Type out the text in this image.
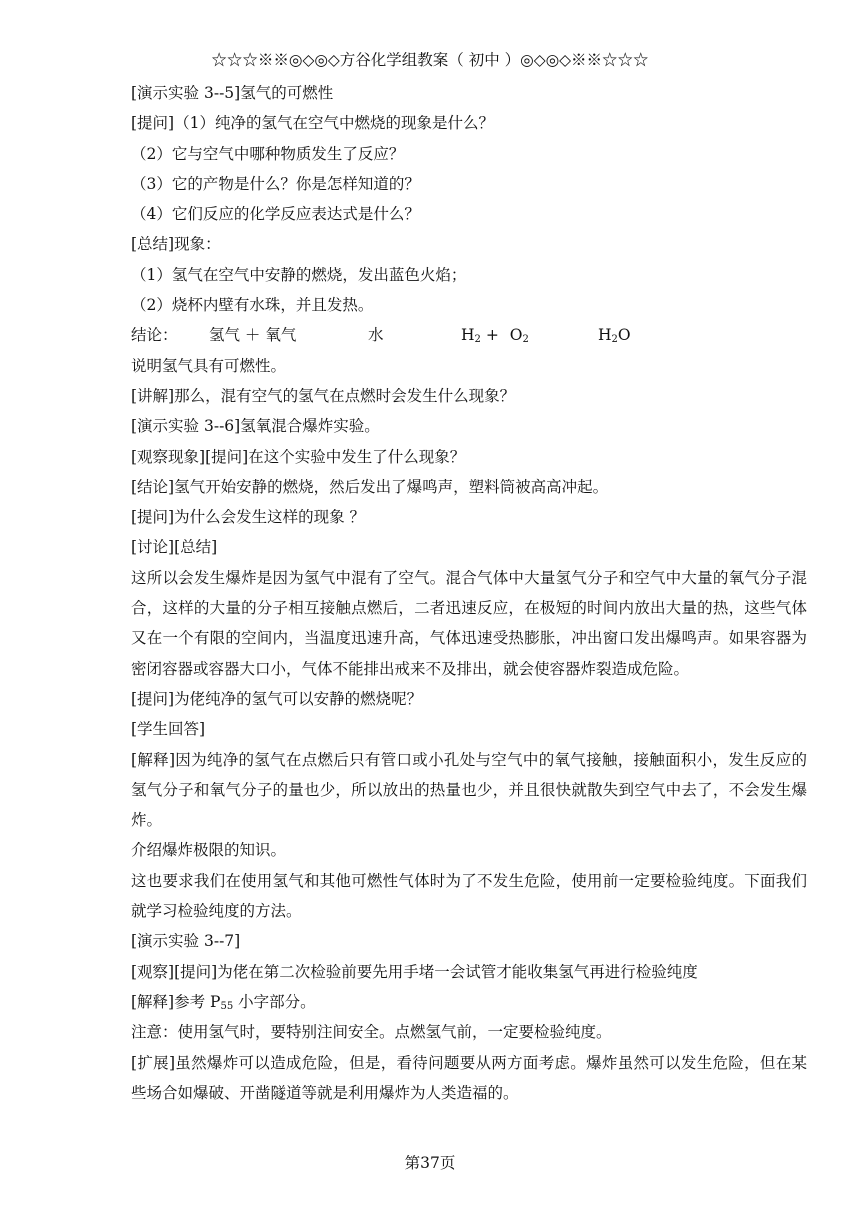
☆☆☆※※◎◇◎◇方谷化学组教案（ 初中 ）◎◇◎◇※※☆☆☆
[演示实验 3--5]氢气的可燃性
[提问]（1）纯净的氢气在空气中燃烧的现象是什么？
（2）它与空气中哪种物质发生了反应？
（3）它的产物是什么？你是怎样知道的？
（4）它们反应的化学反应表达式是什么？
[总结]现象：
（1）氢气在空气中安静的燃烧，发出蓝色火焰；
（2）烧杯内壁有水珠，并且发热。
结论： 氢气 ＋ 氧气	水	$H_2 + O_2$	$H_2O$
说明氢气具有可燃性。
[讲解]那么，混有空气的氢气在点燃时会发生什么现象？
[演示实验 3--6]氢氧混合爆炸实验。
[观察现象][提问]在这个实验中发生了什么现象？
[结论]氢气开始安静的燃烧，然后发出了爆鸣声，塑料筒被高高冲起。
[提问]为什么会发生这样的现象 ？
[讨论][总结]
这所以会发生爆炸是因为氢气中混有了空气。混合气体中大量氢气分子和空气中大量的氧气分子混合，这样的大量的分子相互接触点燃后，二者迅速反应，在极短的时间内放出大量的热，这些气体又在一个有限的空间内，当温度迅速升高，气体迅速受热膨胀，冲出窗口发出爆鸣声。如果容器为密闭容器或容器大口小，气体不能排出戒来不及排出，就会使容器炸裂造成危险。
[提问]为佬纯净的氢气可以安静的燃烧呢？
[学生回答]
[解释]因为纯净的氢气在点燃后只有管口或小孔处与空气中的氧气接触，接触面积小，发生反应的氢气分子和氧气分子的量也少，所以放出的热量也少，并且很快就散失到空气中去了，不会发生爆炸。
介绍爆炸极限的知识。
这也要求我们在使用氢气和其他可燃性气体时为了不发生危险，使用前一定要检验纯度。下面我们就学习检验纯度的方法。
[演示实验 3--7]
[观察][提问]为佬在第二次检验前要先用手堵一会试管才能收集氢气再进行检验纯度
[解释]参考 $P_{55}$ 小字部分。
注意：使用氢气时，要特别注间安全。点燃氢气前，一定要检验纯度。
[扩展]虽然爆炸可以造成危险，但是，看待问题要从两方面考虑。爆炸虽然可以发生危险，但在某些场合如爆破、开凿隧道等就是利用爆炸为人类造福的。
第37页
